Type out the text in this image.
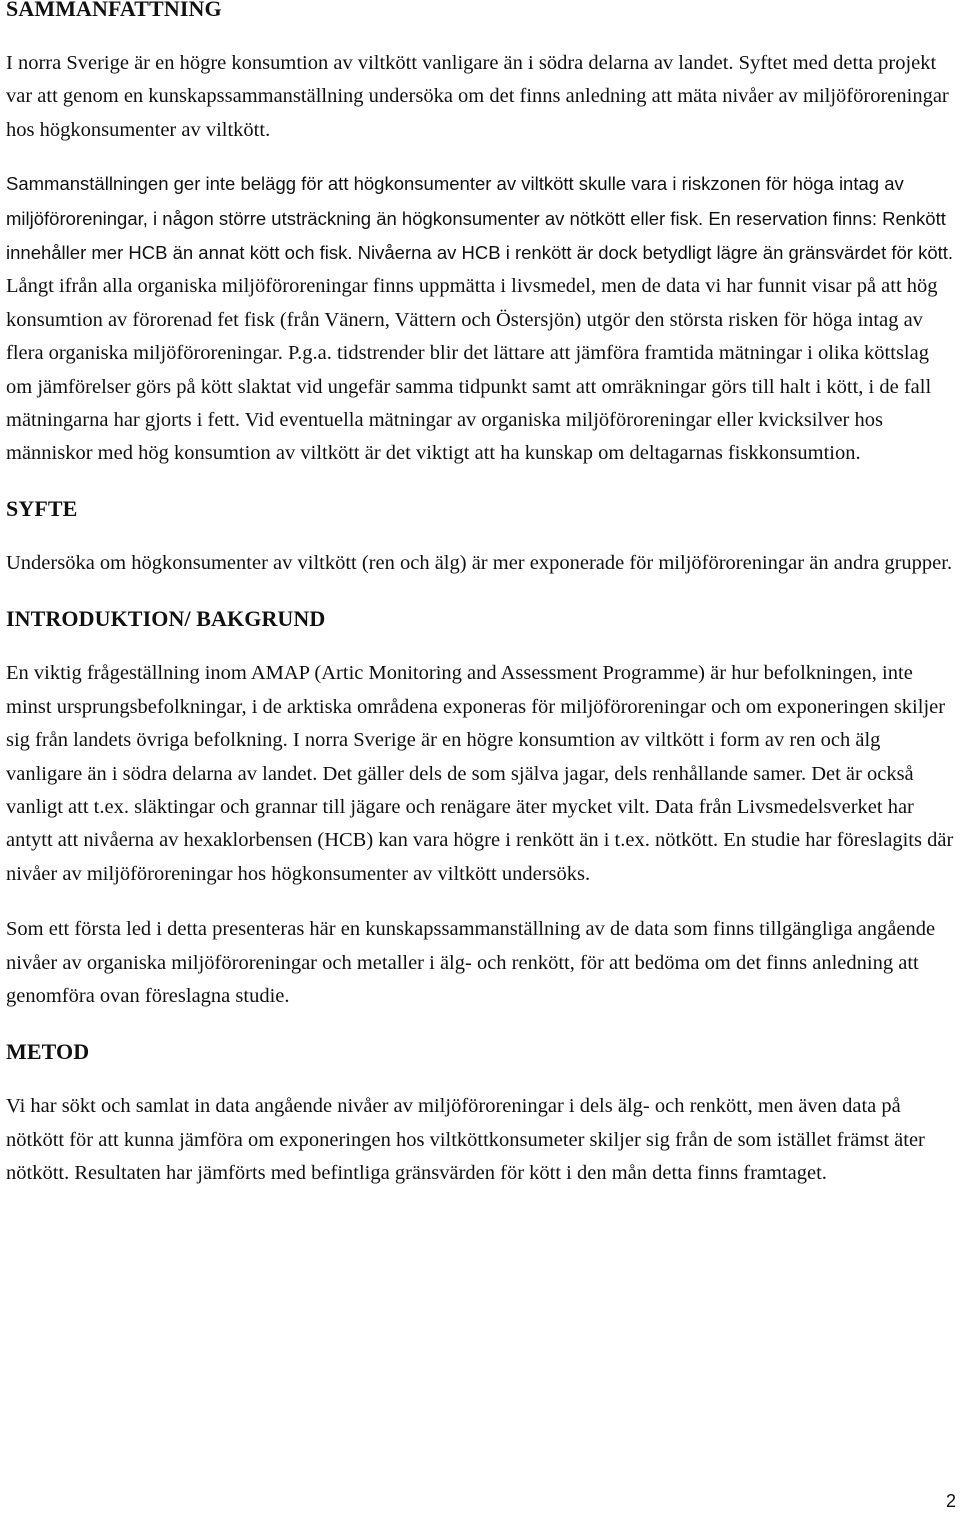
SAMMANFATTNING

I norra Sverige är en högre konsumtion av viltkött vanligare än i södra delarna av landet. Syftet med detta projekt var att genom en kunskapssammanställning undersöka om det finns anledning att mäta nivåer av miljöföroreningar hos högkonsumenter av viltkött.

Sammanställningen ger inte belägg för att högkonsumenter av viltkött skulle vara i riskzonen för höga intag av miljöföroreningar, i någon större utsträckning än högkonsumenter av nötkött eller fisk. En reservation finns: Renkött innehåller mer HCB än annat kött och fisk. Nivåerna av HCB i renkött är dock betydligt lägre än gränsvärdet för kött. Långt ifrån alla organiska miljöföroreningar finns uppmätta i livsmedel, men de data vi har funnit visar på att hög konsumtion av förorenad fet fisk (från Vänern, Vättern och Östersjön) utgör den största risken för höga intag av flera organiska miljöföroreningar. P.g.a. tidstrender blir det lättare att jämföra framtida mätningar i olika köttslag om jämförelser görs på kött slaktat vid ungefär samma tidpunkt samt att omräkningar görs till halt i kött, i de fall mätningarna har gjorts i fett. Vid eventuella mätningar av organiska miljöföroreningar eller kvicksilver hos människor med hög konsumtion av viltkött är det viktigt att ha kunskap om deltagarnas fiskkonsumtion.

SYFTE

Undersöka om högkonsumenter av viltkött (ren och älg) är mer exponerade för miljöföroreningar än andra grupper.

INTRODUKTION/ BAKGRUND

En viktig frågeställning inom AMAP (Artic Monitoring and Assessment Programme) är hur befolkningen, inte minst ursprungsbefolkningar, i de arktiska områdena exponeras för miljöföroreningar och om exponeringen skiljer sig från landets övriga befolkning. I norra Sverige är en högre konsumtion av viltkött i form av ren och älg vanligare än i södra delarna av landet. Det gäller dels de som själva jagar, dels renhållande samer. Det är också vanligt att t.ex. släktingar och grannar till jägare och renägare äter mycket vilt. Data från Livsmedelsverket har antytt att nivåerna av hexaklorbensen (HCB) kan vara högre i renkött än i t.ex. nötkött. En studie har föreslagits där nivåer av miljöföroreningar hos högkonsumenter av viltkött undersöks.

Som ett första led i detta presenteras här en kunskapssammanställning av de data som finns tillgängliga angående nivåer av organiska miljöföroreningar och metaller i älg- och renkött, för att bedöma om det finns anledning att genomföra ovan föreslagna studie.

METOD

Vi har sökt och samlat in data angående nivåer av miljöföroreningar i dels älg- och renkött, men även data på nötkött för att kunna jämföra om exponeringen hos viltköttkonsumeter skiljer sig från de som istället främst äter nötkött. Resultaten har jämförts med befintliga gränsvärden för kött i den mån detta finns framtaget.

2
